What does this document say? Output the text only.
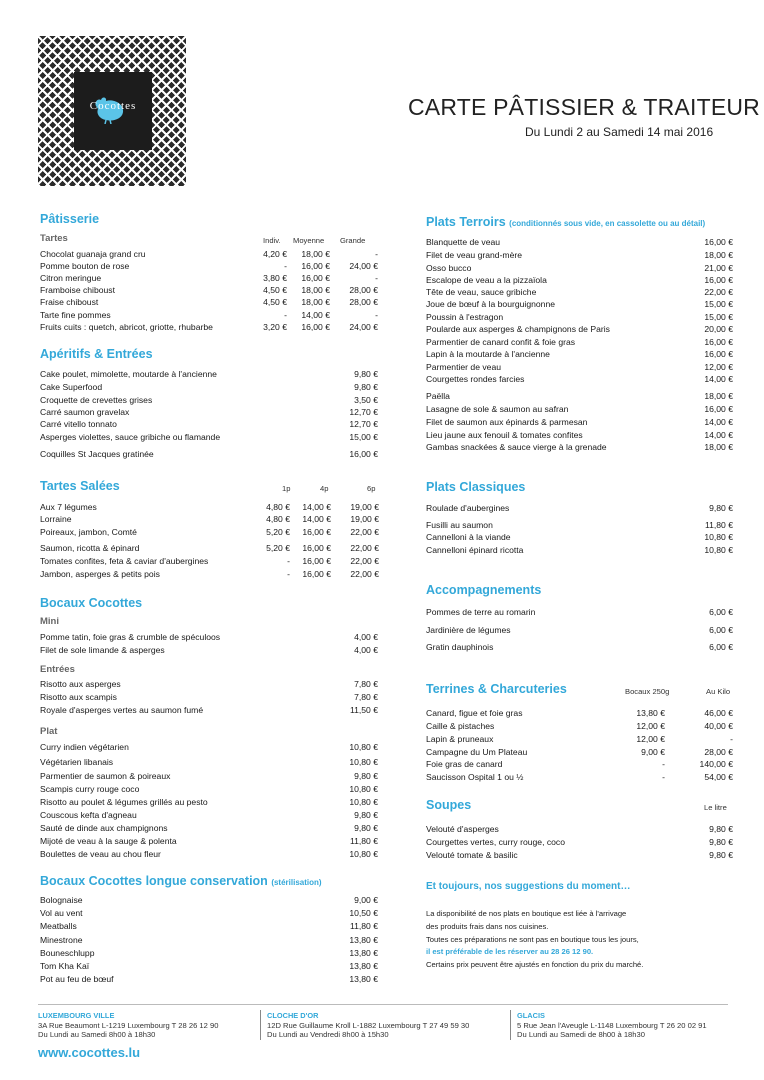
Cocottes	CARTE PÂTISSIER & TRAITEUR
Du Lundi 2 au Samedi 14 mai 2016
Pâtisserie
Tartes	Indiv. Moyenne Grande
Chocolat guanaja grand cru	4,20 €	18,00 €	-
Pomme bouton de rose	-	16,00 €	24,00 €
Citron meringue	3,80 €	16,00 €	-
Framboise chiboust	4,50 €	18,00 €	28,00 €
Fraise chiboust	4,50 €	18,00 €	28,00 €
Tarte fine pommes	-	14,00 €	-
Fruits cuits : quetch, abricot, griotte, rhubarbe	3,20 €	16,00 €	24,00 €
Apéritifs & Entrées
Cake poulet, mimolette, moutarde à l'ancienne	9,80 €
Cake Superfood	9,80 €
Croquette de crevettes grises	3,50 €
Carré saumon gravelax	12,70 €
Carré vitello tonnato	12,70 €
Asperges violettes, sauce gribiche ou flamande	15,00 €
Coquilles St Jacques gratinée	16,00 €
Tartes Salées	1p	4p	6p
Aux 7 légumes	4,80 €	14,00 €	19,00 €
Lorraine	4,80 €	14,00 €	19,00 €
Poireaux, jambon, Comté	5,20 €	16,00 €	22,00 €
Saumon, ricotta & épinard	5,20 €	16,00 €	22,00 €
Tomates confites, feta & caviar d'aubergines	-	16,00 €	22,00 €
Jambon, asperges & petits pois	-	16,00 €	22,00 €
Bocaux Cocottes
Mini
Pomme tatin, foie gras & crumble de spéculoos	4,00 €
Filet de sole limande & asperges	4,00 €
Entrées
Risotto aux asperges	7,80 €
Risotto aux scampis	7,80 €
Royale d'asperges vertes au saumon fumé	11,50 €
Plat
Curry indien végétarien	10,80 €
Végétarien libanais	10,80 €
Parmentier de saumon & poireaux	9,80 €
Scampis curry rouge coco	10,80 €
Risotto au poulet & légumes grillés au pesto	10,80 €
Couscous kefta d'agneau	9,80 €
Sauté de dinde aux champignons	9,80 €
Mijoté de veau à la sauge & polenta	11,80 €
Boulettes de veau au chou fleur	10,80 €
Bocaux Cocottes longue conservation (stérilisation)
Bolognaise	9,00 €
Vol au vent	10,50 €
Meatballs	11,80 €
Minestrone	13,80 €
Bouneschlupp	13,80 €
Tom Kha Kaï	13,80 €
Pot au feu de bœuf	13,80 €
Plats Terroirs (conditionnés sous vide, en cassolette ou au détail)
Blanquette de veau	16,00 €
Filet de veau grand-mère	18,00 €
Osso bucco	21,00 €
Escalope de veau a la pizzaïola	16,00 €
Tête de veau, sauce gribiche	22,00 €
Joue de bœuf à la bourguignonne	15,00 €
Poussin à l'estragon	15,00 €
Poularde aux asperges & champignons de Paris	20,00 €
Parmentier de canard confit & foie gras	16,00 €
Lapin à la moutarde à l'ancienne	16,00 €
Parmentier de veau	12,00 €
Courgettes rondes farcies	14,00 €
Paëlla	18,00 €
Lasagne de sole & saumon au safran	16,00 €
Filet de saumon aux épinards & parmesan	14,00 €
Lieu jaune aux fenouil & tomates confites	14,00 €
Gambas snackées & sauce vierge à la grenade	18,00 €
Plats Classiques
Roulade d'aubergines	9,80 €
Fusilli au saumon	11,80 €
Cannelloni à la viande	10,80 €
Cannelloni épinard ricotta	10,80 €
Accompagnements
Pommes de terre au romarin	6,00 €
Jardinière de légumes	6,00 €
Gratin dauphinois	6,00 €
Terrines & Charcuteries	Bocaux 250g	Au Kilo
Canard, figue et foie gras	13,80 €	46,00 €
Caille & pistaches	12,00 €	40,00 €
Lapin & pruneaux	12,00 €	-
Campagne du Um Plateau	9,00 €	28,00 €
Foie gras de canard	-	140,00 €
Saucisson Ospital 1 ou ½	-	54,00 €
Soupes	Le litre
Velouté d'asperges	9,80 €
Courgettes vertes, curry rouge, coco	9,80 €
Velouté tomate & basilic	9,80 €
Et toujours, nos suggestions du moment…
La disponibilité de nos plats en boutique est liée à l'arrivage
des produits frais dans nos cuisines.
Toutes ces préparations ne sont pas en boutique tous les jours,
il est préférable de les réserver au 28 26 12 90.
Certains prix peuvent être ajustés en fonction du prix du marché.
LUXEMBOURG VILLE
3A Rue Beaumont L-1219 Luxembourg T 28 26 12 90
Du Lundi au Samedi 8h00 à 18h30
CLOCHE D'OR
12D Rue Guillaume Kroll L-1882 Luxembourg T 27 49 59 30
Du Lundi au Vendredi 8h00 à 15h30
GLACIS
5 Rue Jean l'Aveugle L-1148 Luxembourg T 26 20 02 91
Du Lundi au Samedi de 8h00 à 18h30
www.cocottes.lu
